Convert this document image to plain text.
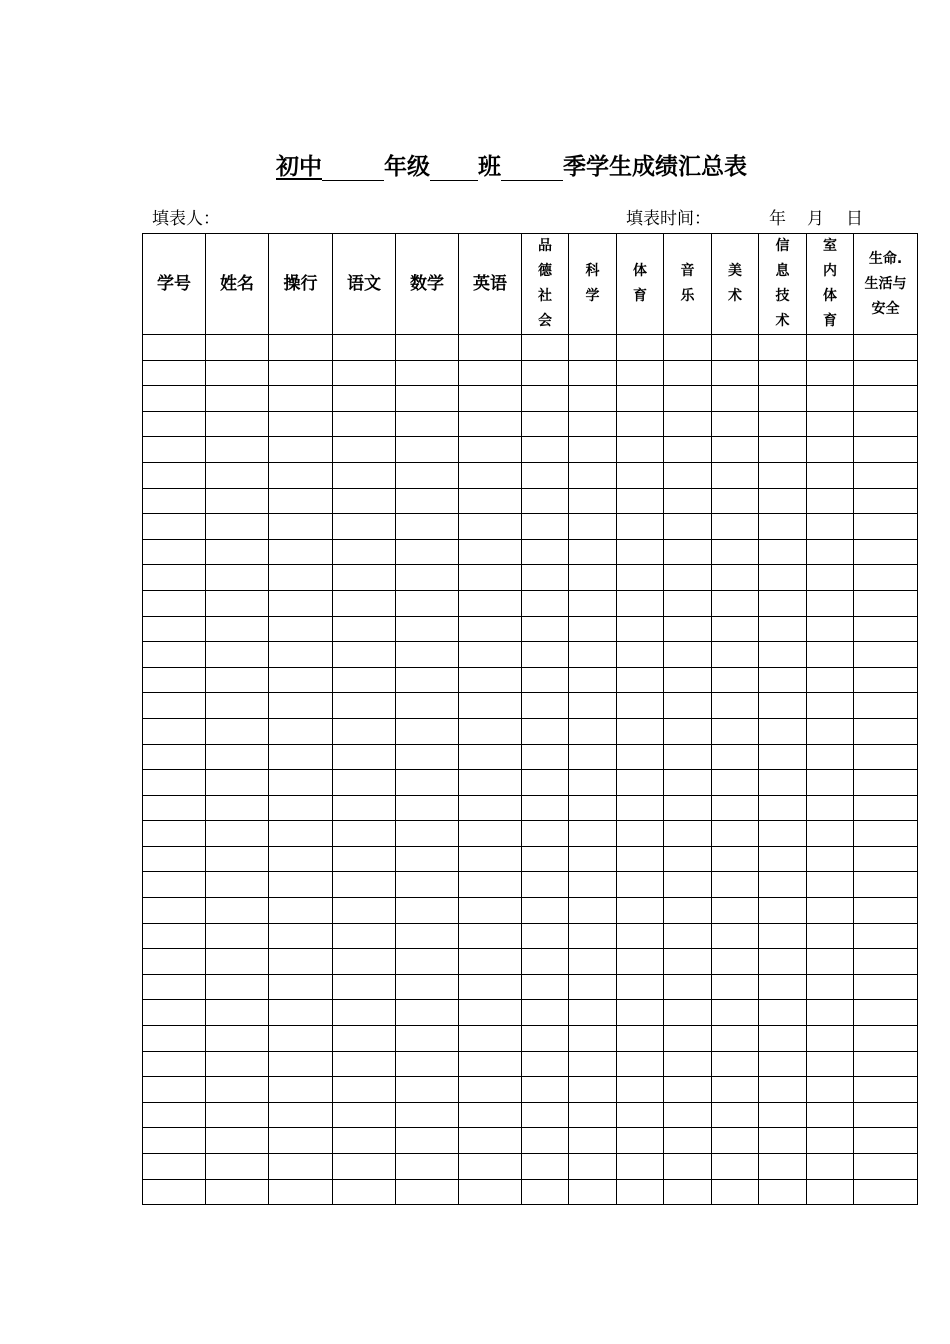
初中	年级 班	季学生成绩汇总表
填表人：	填表时间：	年 月 日
学号	姓名	操行	语文	数学	英语	品德社会	科学	体育	音乐	美术	信息技术	室内体育	生命.生活与安全
